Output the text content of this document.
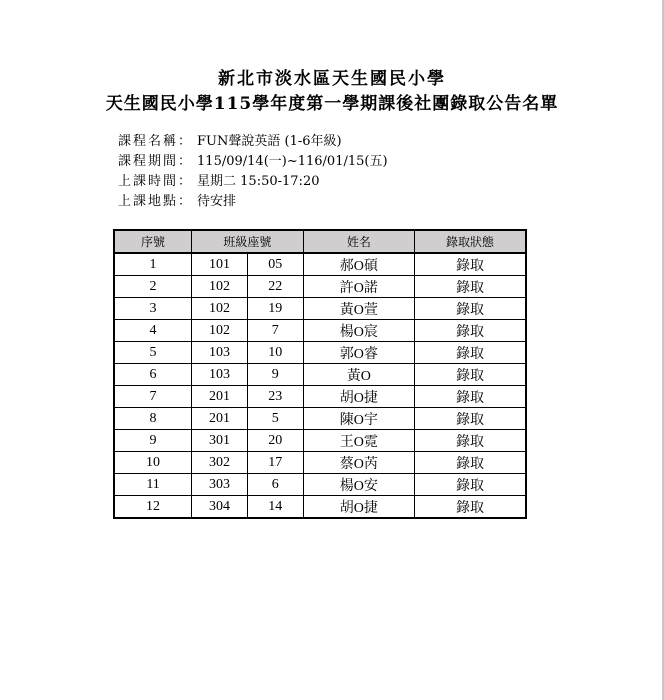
新北市淡水區天生國民小學
天生國民小學115學年度第一學期課後社團錄取公告名單
課程名稱 ： FUN聲說英語 (1-6年級)
課程期間 ： 115/09/14(一)~116/01/15(五)
上課時間 ： 星期二 15:50-17:20
上課地點 ： 待安排
序號	班級座號		姓名	錄取狀態
1	101	05	郝O碩	錄取
2	102	22	許O諾	錄取
3	102	19	黃O萱	錄取
4	102	7	楊O宸	錄取
5	103	10	郭O睿	錄取
6	103	9	黃O	錄取
7	201	23	胡O捷	錄取
8	201	5	陳O宇	錄取
9	301	20	王O霓	錄取
10	302	17	蔡O芮	錄取
11	303	6	楊O安	錄取
12	304	14	胡O捷	錄取
